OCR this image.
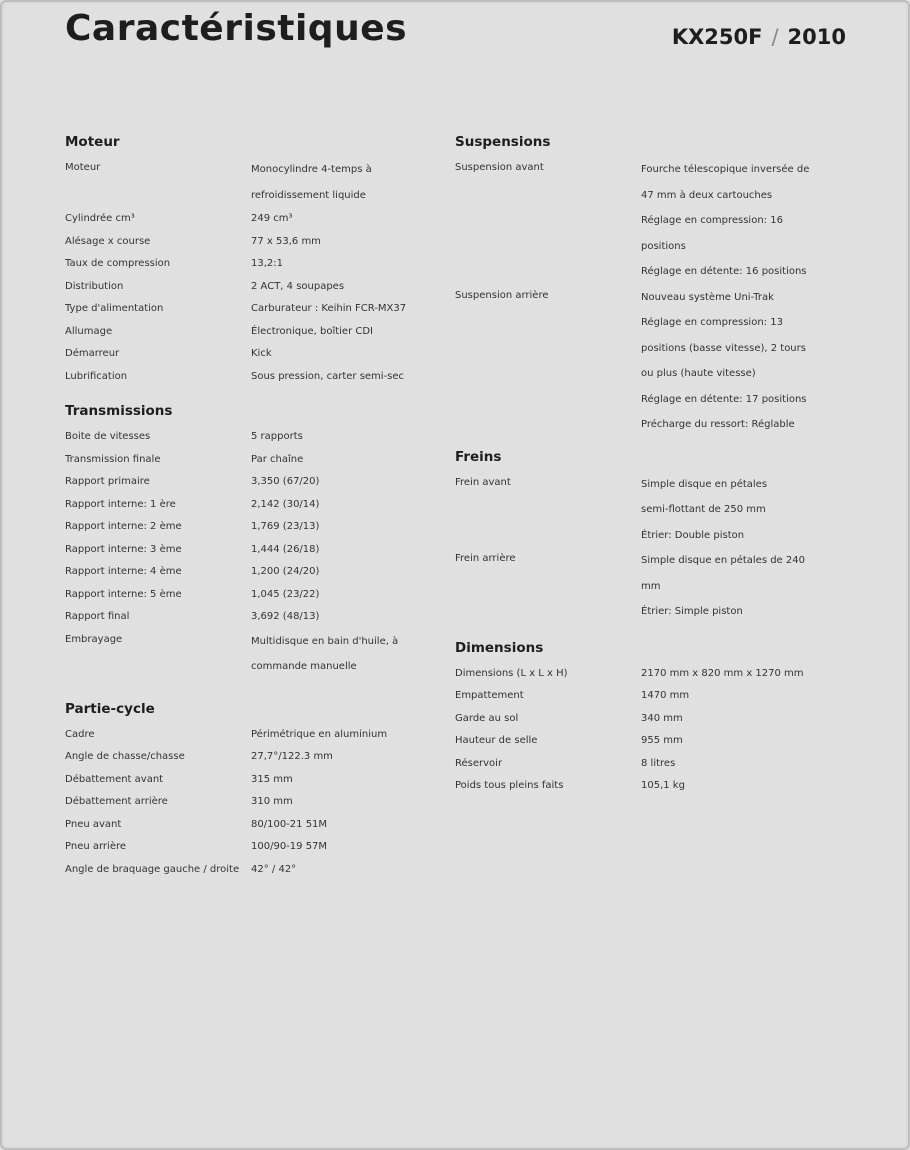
Caractéristiques	KX250F / 2010
Moteur
Moteur	Monocylindre 4-temps à
refroidissement liquide
Cylindrée cm³	249 cm³
Alésage x course	77 x 53,6 mm
Taux de compression	13,2:1
Distribution	2 ACT, 4 soupapes
Type d'alimentation	Carburateur : Keihin FCR-MX37
Allumage	Électronique, boîtier CDI
Démarreur	Kick
Lubrification	Sous pression, carter semi-sec
Transmissions
Boite de vitesses	5 rapports
Transmission finale	Par chaîne
Rapport primaire	3,350 (67/20)
Rapport interne: 1 ère	2,142 (30/14)
Rapport interne: 2 ème	1,769 (23/13)
Rapport interne: 3 ème	1,444 (26/18)
Rapport interne: 4 ème	1,200 (24/20)
Rapport interne: 5 ème	1,045 (23/22)
Rapport final	3,692 (48/13)
Embrayage	Multidisque en bain d'huile, à
commande manuelle
Partie-cycle
Cadre	Périmétrique en aluminium
Angle de chasse/chasse	27,7°/122.3 mm
Débattement avant	315 mm
Débattement arrière	310 mm
Pneu avant	80/100-21 51M
Pneu arrière	100/90-19 57M
Angle de braquage gauche / droite	42° / 42°
Suspensions
Suspension avant	Fourche télescopique inversée de
47 mm à deux cartouches
Réglage en compression: 16
positions
Réglage en détente: 16 positions
Suspension arrière	Nouveau système Uni-Trak
Réglage en compression: 13
positions (basse vitesse), 2 tours
ou plus (haute vitesse)
Réglage en détente: 17 positions
Précharge du ressort: Réglable
Freins
Frein avant	Simple disque en pétales
semi-flottant de 250 mm
Étrier: Double piston
Frein arrière	Simple disque en pétales de 240
mm
Étrier: Simple piston
Dimensions
Dimensions (L x L x H)	2170 mm x 820 mm x 1270 mm
Empattement	1470 mm
Garde au sol	340 mm
Hauteur de selle	955 mm
Réservoir	8 litres
Poids tous pleins faits	105,1 kg
